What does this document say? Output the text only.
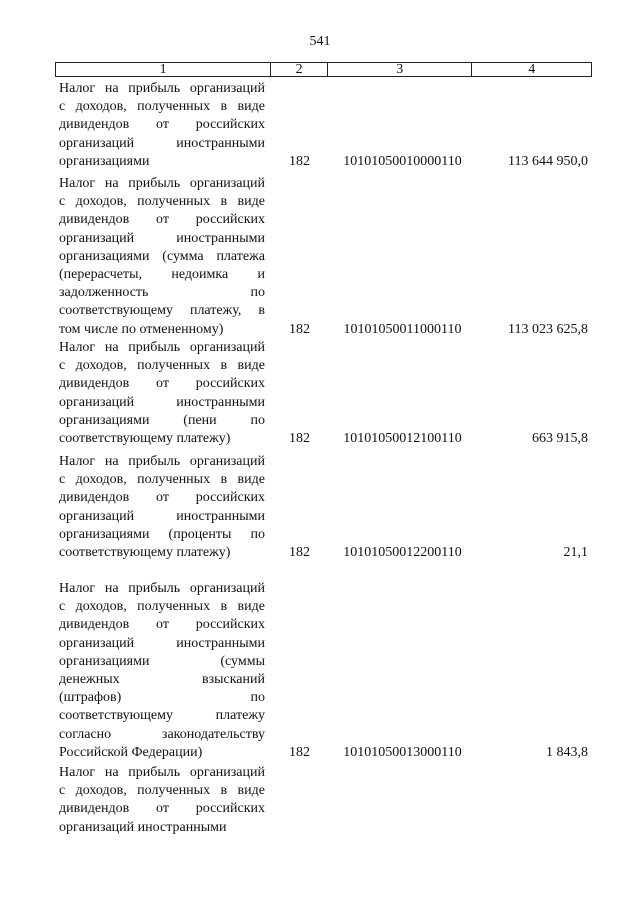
541
1	2	3	4
Налог на прибыль организаций
с доходов, полученных в виде
дивидендов от российских
организаций иностранными
организациями	182	10101050010000110	113 644 950,0
Налог на прибыль организаций
с доходов, полученных в виде
дивидендов от российских
организаций иностранными
организациями (сумма платежа
(перерасчеты, недоимка и
задолженность по
соответствующему платежу, в
том числе по отмененному)	182	10101050011000110	113 023 625,8
Налог на прибыль организаций
с доходов, полученных в виде
дивидендов от российских
организаций иностранными
организациями (пени по
соответствующему платежу)	182	10101050012100110	663 915,8
Налог на прибыль организаций
с доходов, полученных в виде
дивидендов от российских
организаций иностранными
организациями (проценты по
соответствующему платежу)	182	10101050012200110	21,1
Налог на прибыль организаций
с доходов, полученных в виде
дивидендов от российских
организаций иностранными
организациями (суммы
денежных взысканий
(штрафов) по
соответствующему платежу
согласно законодательству
Российской Федерации)	182	10101050013000110	1 843,8
Налог на прибыль организаций
с доходов, полученных в виде
дивидендов от российских
организаций иностранными
